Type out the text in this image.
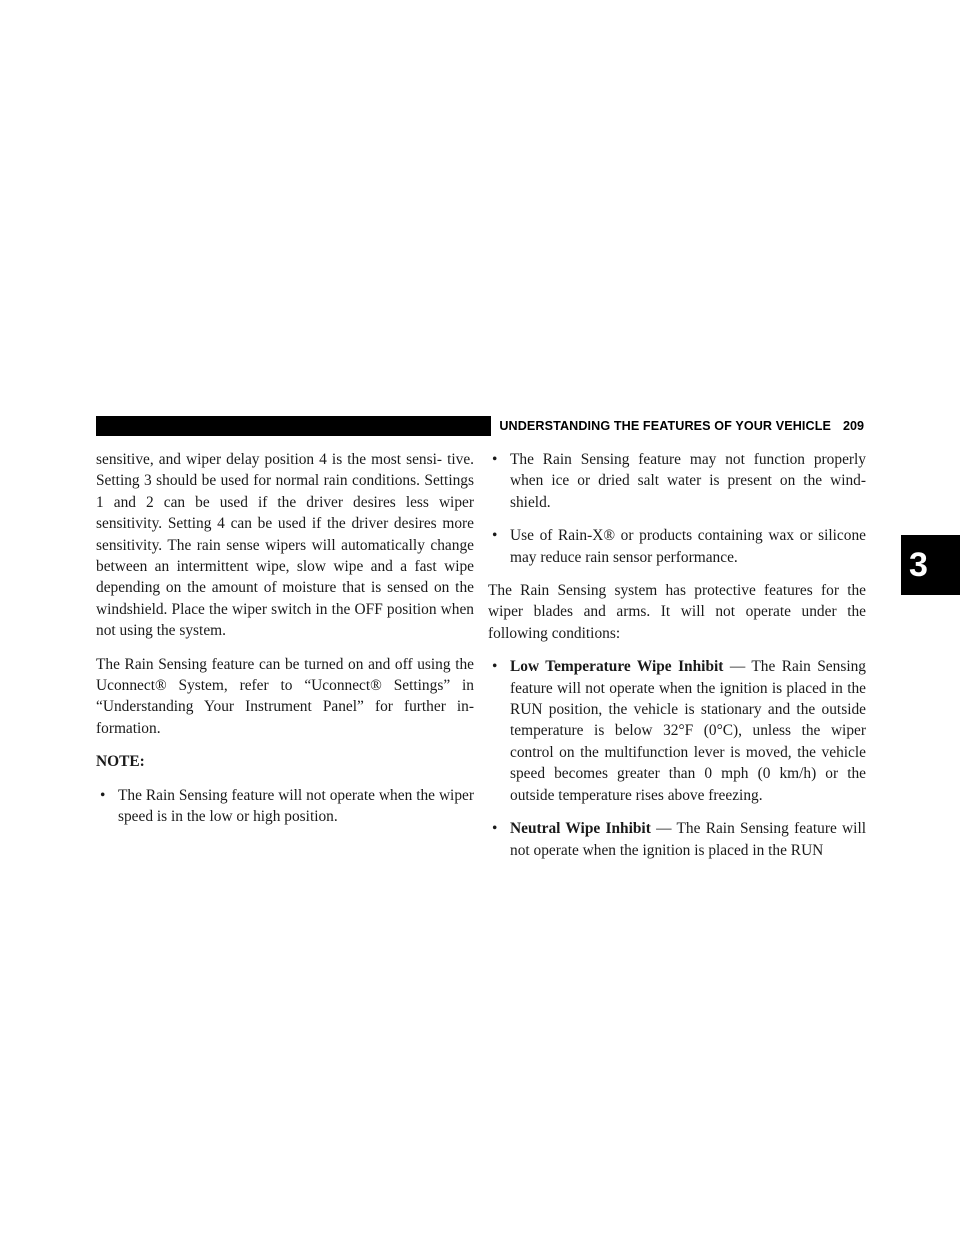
UNDERSTANDING THE FEATURES OF YOUR VEHICLE 209
3

sensitive, and wiper delay position 4 is the most sensi- tive. Setting 3 should be used for normal rain conditions. Settings 1 and 2 can be used if the driver desires less wiper sensitivity. Setting 4 can be used if the driver desires more sensitivity. The rain sense wipers will automatically change between an intermittent wipe, slow wipe and a fast wipe depending on the amount of moisture that is sensed on the windshield. Place the wiper switch in the OFF position when not using the system.

The Rain Sensing feature can be turned on and off using the Uconnect® System, refer to “Uconnect® Settings” in “Understanding Your Instrument Panel” for further in- formation.

NOTE:
• The Rain Sensing feature will not operate when the wiper speed is in the low or high position.
• The Rain Sensing feature may not function properly when ice or dried salt water is present on the wind- shield.
• Use of Rain-X® or products containing wax or silicone may reduce rain sensor performance.

The Rain Sensing system has protective features for the wiper blades and arms. It will not operate under the following conditions:

• Low Temperature Wipe Inhibit — The Rain Sensing feature will not operate when the ignition is placed in the RUN position, the vehicle is stationary and the outside temperature is below 32°F (0°C), unless the wiper control on the multifunction lever is moved, the vehicle speed becomes greater than 0 mph (0 km/h) or the outside temperature rises above freezing.
• Neutral Wipe Inhibit — The Rain Sensing feature will not operate when the ignition is placed in the RUN
